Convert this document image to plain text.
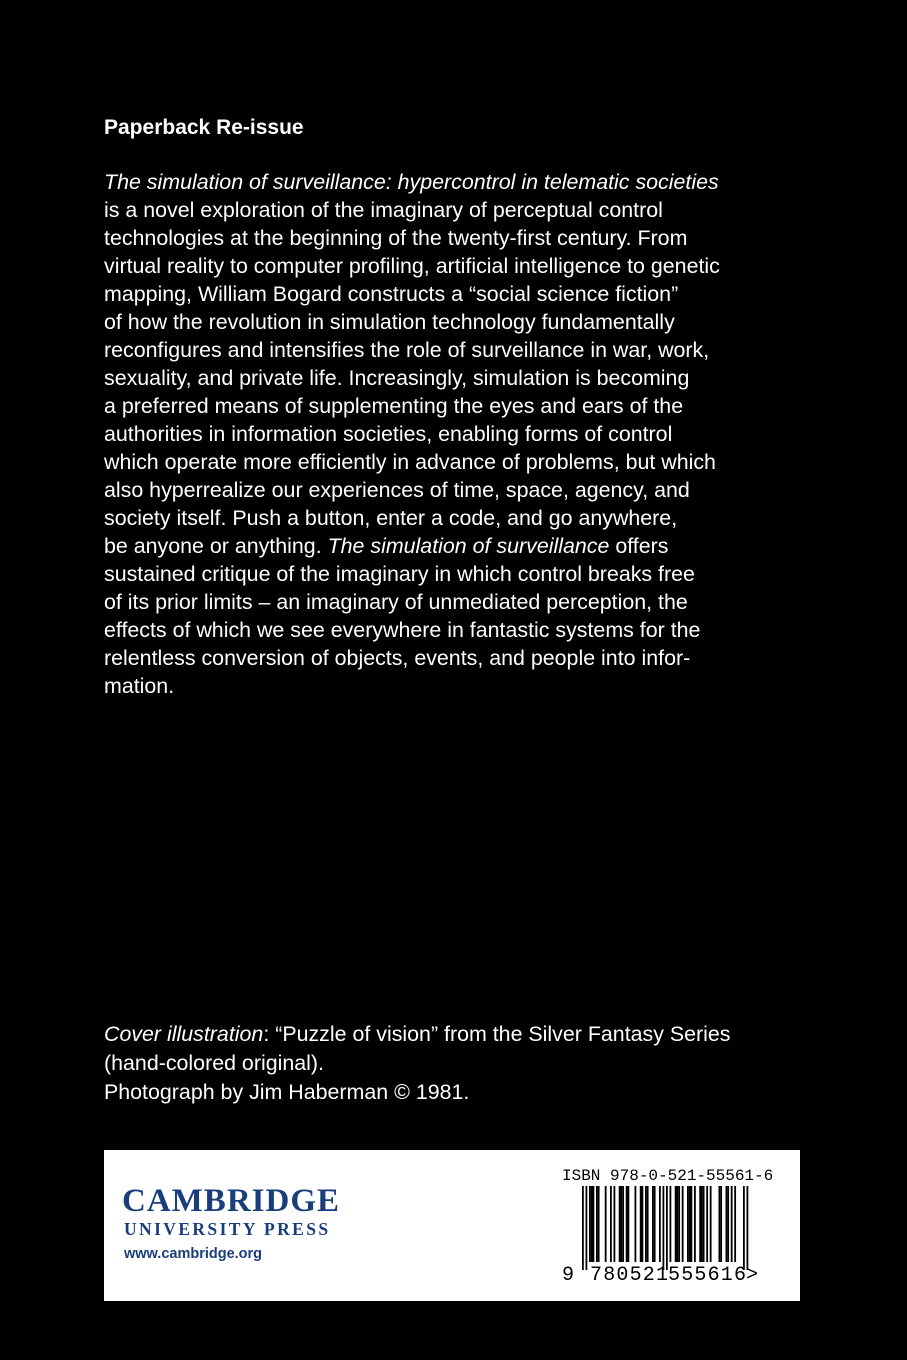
Paperback Re-issue
The simulation of surveillance: hypercontrol in telematic societies
is a novel exploration of the imaginary of perceptual control
technologies at the beginning of the twenty-first century. From
virtual reality to computer profiling, artificial intelligence to genetic
mapping, William Bogard constructs a “social science fiction”
of how the revolution in simulation technology fundamentally
reconfigures and intensifies the role of surveillance in war, work,
sexuality, and private life. Increasingly, simulation is becoming
a preferred means of supplementing the eyes and ears of the
authorities in information societies, enabling forms of control
which operate more efficiently in advance of problems, but which
also hyperrealize our experiences of time, space, agency, and
society itself. Push a button, enter a code, and go anywhere,
be anyone or anything. The simulation of surveillance offers
sustained critique of the imaginary in which control breaks free
of its prior limits – an imaginary of unmediated perception, the
effects of which we see everywhere in fantastic systems for the
relentless conversion of objects, events, and people into infor-
mation.
Cover illustration: “Puzzle of vision” from the Silver Fantasy Series
(hand-colored original).
Photograph by Jim Haberman © 1981.
CAMBRIDGE
UNIVERSITY PRESS
www.cambridge.org
ISBN 978-0-521-55561-6
9 780521
555616
>
